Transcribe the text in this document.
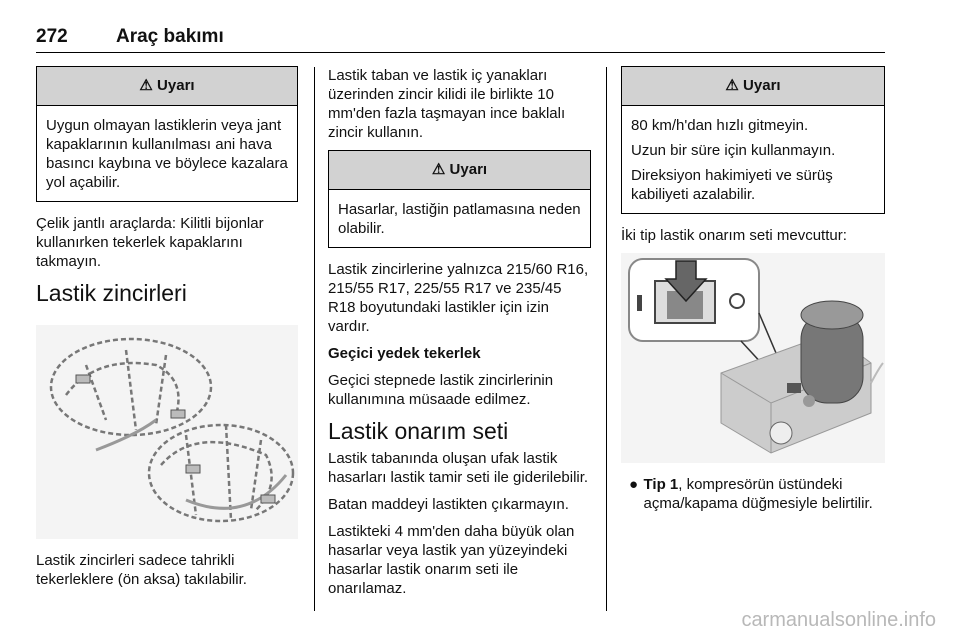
272	Araç bakımı
⚠ Uyarı

Uygun olmayan lastiklerin veya jant kapaklarının kullanılması ani hava basıncı kaybına ve böylece kazalara yol açabilir.

Çelik jantlı araçlarda: Kilitli bijonlar kullanırken tekerlek kapaklarını takmayın.

Lastik zincirleri

Lastik zincirleri sadece tahrikli tekerleklere (ön aksa) takılabilir.

Lastik taban ve lastik iç yanakları üzerinden zincir kilidi ile birlikte 10 mm'den fazla taşmayan ince baklalı zincir kullanın.

⚠ Uyarı

Hasarlar, lastiğin patlamasına neden olabilir.

Lastik zincirlerine yalnızca 215/60 R16, 215/55 R17, 225/55 R17 ve 235/45 R18 boyutundaki lastikler için izin vardır.

Geçici yedek tekerlek

Geçici stepnede lastik zincirlerinin kullanımına müsaade edilmez.

Lastik onarım seti

Lastik tabanında oluşan ufak lastik hasarları lastik tamir seti ile giderilebilir.

Batan maddeyi lastikten çıkarmayın.

Lastikteki 4 mm'den daha büyük olan hasarlar veya lastik yan yüzeyindeki hasarlar lastik onarım seti ile onarılamaz.

⚠ Uyarı

80 km/h'dan hızlı gitmeyin.

Uzun bir süre için kullanmayın.

Direksiyon hakimiyeti ve sürüş kabiliyeti azalabilir.

İki tip lastik onarım seti mevcuttur:

● Tip 1, kompresörün üstündeki açma/kapama düğmesiyle belirtilir.
carmanualsonline.info
